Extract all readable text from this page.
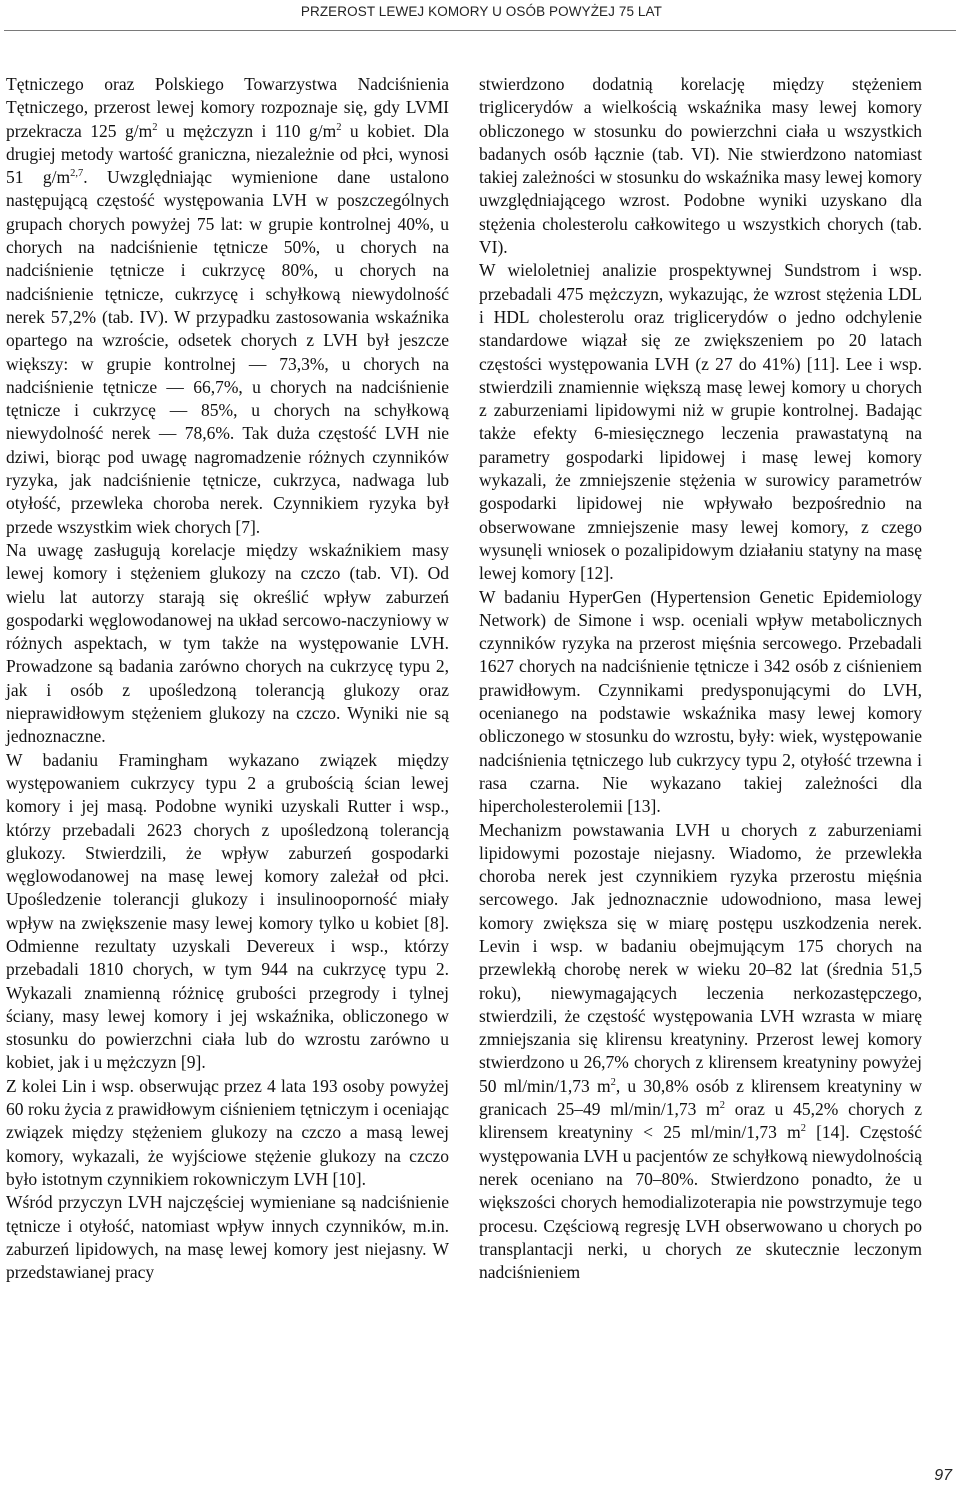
PRZEROST LEWEJ KOMORY U OSÓB POWYŻEJ 75 LAT

Tętniczego oraz Polskiego Towarzystwa Nadciśnienia Tętniczego, przerost lewej komory rozpoznaje się, gdy LVMI przekracza 125 $g/m^2$ u mężczyzn i 110 $g/m^2$ u kobiet. Dla drugiej metody wartość graniczna, niezależnie od płci, wynosi 51 $g/m^{2,7}$. Uwzględniając wymienione dane ustalono następującą częstość występowania LVH w poszczególnych grupach chorych powyżej 75 lat: w grupie kontrolnej 40%, u chorych na nadciśnienie tętnicze 50%, u chorych na nadciśnienie tętnicze i cukrzycę 80%, u chorych na nadciśnienie tętnicze, cukrzycę i schyłkową niewydolność nerek 57,2% (tab. IV). W przypadku zastosowania wskaźnika opartego na wzroście, odsetek chorych z LVH był jeszcze większy: w grupie kontrolnej — 73,3%, u chorych na nadciśnienie tętnicze — 66,7%, u chorych na nadciśnienie tętnicze i cukrzycę — 85%, u chorych na schyłkową niewydolność nerek — 78,6%. Tak duża częstość LVH nie dziwi, biorąc pod uwagę nagromadzenie różnych czynników ryzyka, jak nadciśnienie tętnicze, cukrzyca, nadwaga lub otyłość, przewleka choroba nerek. Czynnikiem ryzyka był przede wszystkim wiek chorych [7].

Na uwagę zasługują korelacje między wskaźnikiem masy lewej komory i stężeniem glukozy na czczo (tab. VI). Od wielu lat autorzy starają się określić wpływ zaburzeń gospodarki węglowodanowej na układ sercowo-naczyniowy w różnych aspektach, w tym także na występowanie LVH. Prowadzone są badania zarówno chorych na cukrzycę typu 2, jak i osób z upośledzoną tolerancją glukozy oraz nieprawidłowym stężeniem glukozy na czczo. Wyniki nie są jednoznaczne.

W badaniu Framingham wykazano związek między występowaniem cukrzycy typu 2 a grubością ścian lewej komory i jej masą. Podobne wyniki uzyskali Rutter i wsp., którzy przebadali 2623 chorych z upośledzoną tolerancją glukozy. Stwierdzili, że wpływ zaburzeń gospodarki węglowodanowej na masę lewej komory zależał od płci. Upośledzenie tolerancji glukozy i insulinooporność miały wpływ na zwiększenie masy lewej komory tylko u kobiet [8]. Odmienne rezultaty uzyskali Devereux i wsp., którzy przebadali 1810 chorych, w tym 944 na cukrzycę typu 2. Wykazali znamienną różnicę grubości przegrody i tylnej ściany, masy lewej komory i jej wskaźnika, obliczonego w stosunku do powierzchni ciała lub do wzrostu zarówno u kobiet, jak i u mężczyzn [9].

Z kolei Lin i wsp. obserwując przez 4 lata 193 osoby powyżej 60 roku życia z prawidłowym ciśnieniem tętniczym i oceniając związek między stężeniem glukozy na czczo a masą lewej komory, wykazali, że wyjściowe stężenie glukozy na czczo było istotnym czynnikiem rokowniczym LVH [10].

Wśród przyczyn LVH najczęściej wymieniane są nadciśnienie tętnicze i otyłość, natomiast wpływ innych czynników, m.in. zaburzeń lipidowych, na masę lewej komory jest niejasny. W przedstawianej pracy

stwierdzono dodatnią korelację między stężeniem triglicerydów a wielkością wskaźnika masy lewej komory obliczonego w stosunku do powierzchni ciała u wszystkich badanych osób łącznie (tab. VI). Nie stwierdzono natomiast takiej zależności w stosunku do wskaźnika masy lewej komory uwzględniającego wzrost. Podobne wyniki uzyskano dla stężenia cholesterolu całkowitego u wszystkich chorych (tab. VI).

W wieloletniej analizie prospektywnej Sundstrom i wsp. przebadali 475 mężczyzn, wykazując, że wzrost stężenia LDL i HDL cholesterolu oraz triglicerydów o jedno odchylenie standardowe wiązał się ze zwiększeniem po 20 latach częstości występowania LVH (z 27 do 41%) [11]. Lee i wsp. stwierdzili znamiennie większą masę lewej komory u chorych z zaburzeniami lipidowymi niż w grupie kontrolnej. Badając także efekty 6-miesięcznego leczenia prawastatyną na parametry gospodarki lipidowej i masę lewej komory wykazali, że zmniejszenie stężenia w surowicy parametrów gospodarki lipidowej nie wpływało bezpośrednio na obserwowane zmniejszenie masy lewej komory, z czego wysunęli wniosek o pozalipidowym działaniu statyny na masę lewej komory [12].

W badaniu HyperGen (Hypertension Genetic Epidemiology Network) de Simone i wsp. oceniali wpływ metabolicznych czynników ryzyka na przerost mięśnia sercowego. Przebadali 1627 chorych na nadciśnienie tętnicze i 342 osób z ciśnieniem prawidłowym. Czynnikami predysponującymi do LVH, ocenianego na podstawie wskaźnika masy lewej komory obliczonego w stosunku do wzrostu, były: wiek, występowanie nadciśnienia tętniczego lub cukrzycy typu 2, otyłość trzewna i rasa czarna. Nie wykazano takiej zależności dla hipercholesterolemii [13].

Mechanizm powstawania LVH u chorych z zaburzeniami lipidowymi pozostaje niejasny. Wiadomo, że przewlekła choroba nerek jest czynnikiem ryzyka przerostu mięśnia sercowego. Jak jednoznacznie udowodniono, masa lewej komory zwiększa się w miarę postępu uszkodzenia nerek. Levin i wsp. w badaniu obejmującym 175 chorych na przewlekłą chorobę nerek w wieku 20–82 lat (średnia 51,5 roku), niewymagających leczenia nerkozastępczego, stwierdzili, że częstość występowania LVH wzrasta w miarę zmniejszania się klirensu kreatyniny. Przerost lewej komory stwierdzono u 26,7% chorych z klirensem kreatyniny powyżej 50 ml/min/1,73 $m^2$, u 30,8% osób z klirensem kreatyniny w granicach 25–49 ml/min/1,73 $m^2$ oraz u 45,2% chorych z klirensem kreatyniny < 25 ml/min/1,73 $m^2$ [14]. Częstość występowania LVH u pacjentów ze schyłkową niewydolnością nerek oceniano na 70–80%. Stwierdzono ponadto, że u większości chorych hemodializoterapia nie powstrzymuje tego procesu. Częściową regresję LVH obserwowano u chorych po transplantacji nerki, u chorych ze skutecznie leczonym nadciśnieniem

97
